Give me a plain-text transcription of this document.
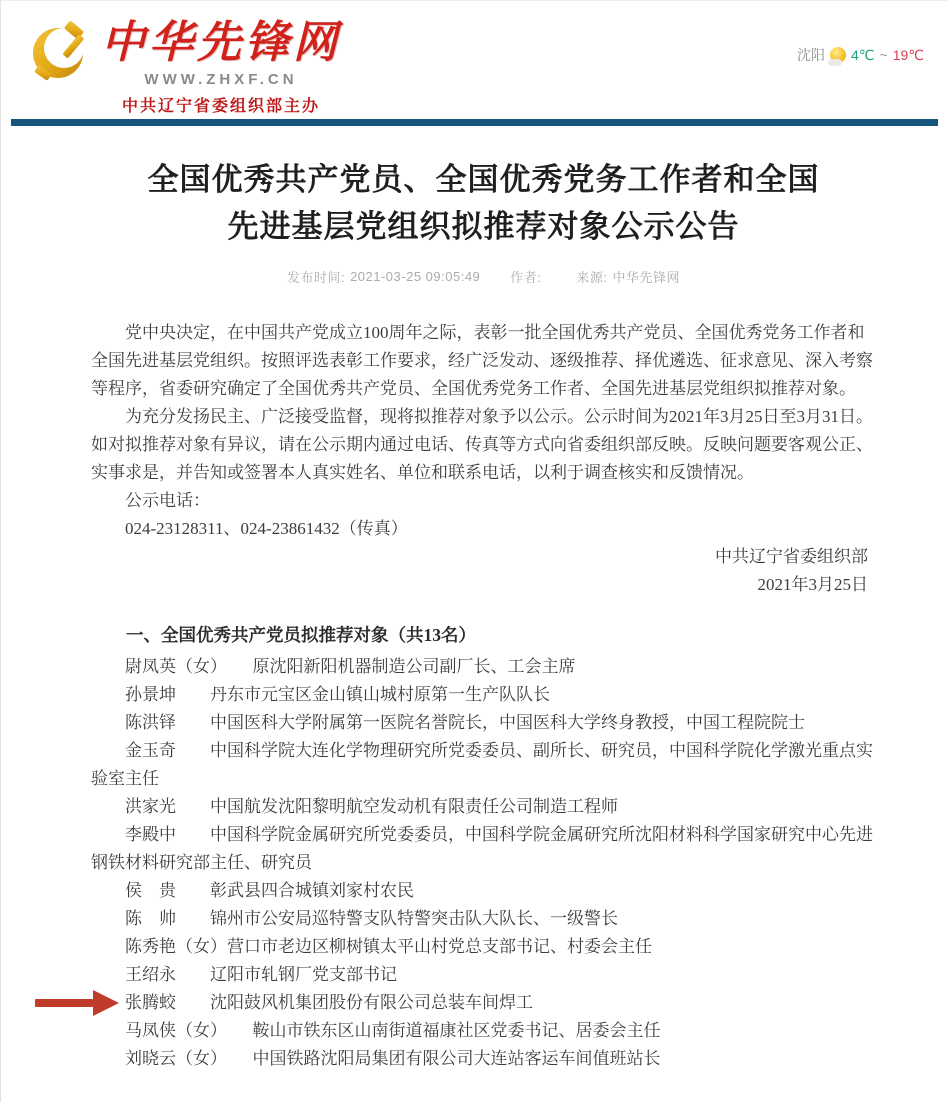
中华先锋网
WWW.ZHXF.CN
中共辽宁省委组织部主办
沈阳 4℃ ~ 19℃
全国优秀共产党员、全国优秀党务工作者和全国
先进基层党组织拟推荐对象公示公告
发布时间: 2021-03-25 09:05:49 作者:	来源: 中华先锋网

党中央决定，在中国共产党成立100周年之际，表彰一批全国优秀共产党员、全国优秀党务工作者和全国先进基层党组织。按照评选表彰工作要求，经广泛发动、逐级推荐、择优遴选、征求意见、深入考察等程序，省委研究确定了全国优秀共产党员、全国优秀党务工作者、全国先进基层党组织拟推荐对象。

为充分发扬民主、广泛接受监督，现将拟推荐对象予以公示。公示时间为2021年3月25日至3月31日。如对拟推荐对象有异议，请在公示期内通过电话、传真等方式向省委组织部反映。反映问题要客观公正、实事求是，并告知或签署本人真实姓名、单位和联系电话，以利于调查核实和反馈情况。

公示电话：

024-23128311、024-23861432（传真）

中共辽宁省委组织部

2021年3月25日

一、全国优秀共产党员拟推荐对象（共13名）

尉凤英（女）　　原沈阳新阳机器制造公司副厂长、工会主席

孙景坤　　丹东市元宝区金山镇山城村原第一生产队队长

陈洪铎　　中国医科大学附属第一医院名誉院长，中国医科大学终身教授，中国工程院院士

金玉奇　　中国科学院大连化学物理研究所党委委员、副所长、研究员，中国科学院化学激光重点实验室主任

洪家光　　中国航发沈阳黎明航空发动机有限责任公司制造工程师

李殿中　　中国科学院金属研究所党委委员，中国科学院金属研究所沈阳材料科学国家研究中心先进钢铁材料研究部主任、研究员

侯　贵　　彰武县四合城镇刘家村农民

陈　帅　　锦州市公安局巡特警支队特警突击队大队长、一级警长

陈秀艳（女）营口市老边区柳树镇太平山村党总支部书记、村委会主任

王绍永　　辽阳市轧钢厂党支部书记

张腾蛟　　沈阳鼓风机集团股份有限公司总装车间焊工

马凤侠（女）　　鞍山市铁东区山南街道福康社区党委书记、居委会主任

刘晓云（女）　　中国铁路沈阳局集团有限公司大连站客运车间值班站长
